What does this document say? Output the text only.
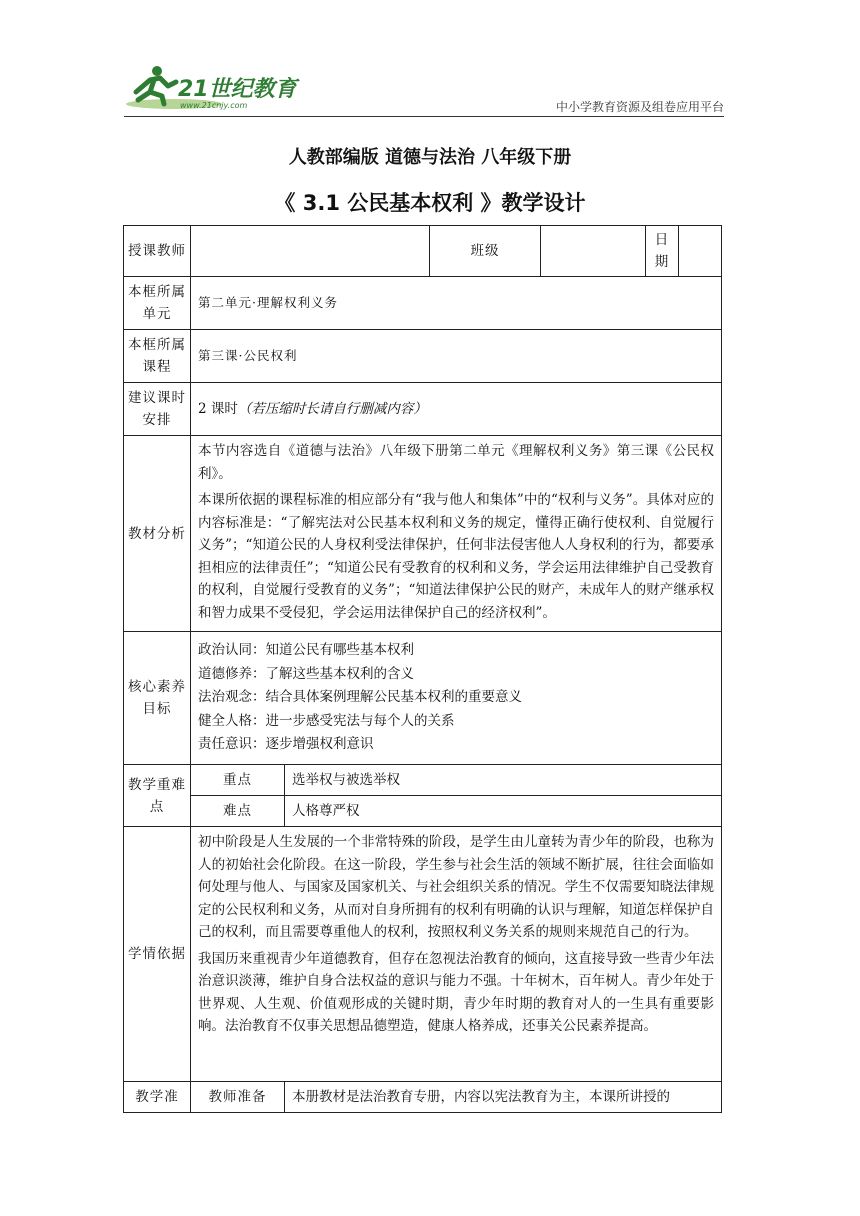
21世纪教育
www.21cnjy.com	中小学教育资源及组卷应用平台
人教部编版 道德与法治 八年级下册
《 3.1 公民基本权利 》教学设计
授课教师			班级		日期	
本框所属单元	第二单元·理解权利义务					
本框所属课程	第三课·公民权利					
建议课时安排	2 课时（若压缩时长请自行删减内容）					
教材分析	本节内容选自《道德与法治》八年级下册第二单元《理解权利义务》第三课《公民权利》。

本课所依据的课程标准的相应部分有“我与他人和集体”中的“权利与义务”。具体对应的内容标准是：“了解宪法对公民基本权利和义务的规定，懂得正确行使权利、自觉履行义务”；“知道公民的人身权利受法律保护，任何非法侵害他人人身权利的行为，都要承担相应的法律责任”；“知道公民有受教育的权利和义务，学会运用法律维护自己受教育的权利，自觉履行受教育的义务”；“知道法律保护公民的财产，未成年人的财产继承权和智力成果不受侵犯，学会运用法律保护自己的经济权利”。					

核心素养目标	政治认同：知道公民有哪些基本权利
道德修养：了解这些基本权利的含义
法治观念：结合具体案例理解公民基本权利的重要意义
健全人格：进一步感受宪法与每个人的关系
责任意识：逐步增强权利意识					

教学重难点	重点	选举权与被选举权				
	难点	人格尊严权				
学情依据	初中阶段是人生发展的一个非常特殊的阶段，是学生由儿童转为青少年的阶段，也称为人的初始社会化阶段。在这一阶段，学生参与社会生活的领域不断扩展，往往会面临如何处理与他人、与国家及国家机关、与社会组织关系的情况。学生不仅需要知晓法律规定的公民权利和义务，从而对自身所拥有的权利有明确的认识与理解，知道怎样保护自己的权利，而且需要尊重他人的权利，按照权利义务关系的规则来规范自己的行为。

我国历来重视青少年道德教育，但存在忽视法治教育的倾向，这直接导致一些青少年法治意识淡薄，维护自身合法权益的意识与能力不强。十年树木，百年树人。青少年处于世界观、人生观、价值观形成的关键时期，青少年时期的教育对人的一生具有重要影响。法治教育不仅事关思想品德塑造，健康人格养成，还事关公民素养提高。					

教学准	教师准备	本册教材是法治教育专册，内容以宪法教育为主，本课所讲授的				
